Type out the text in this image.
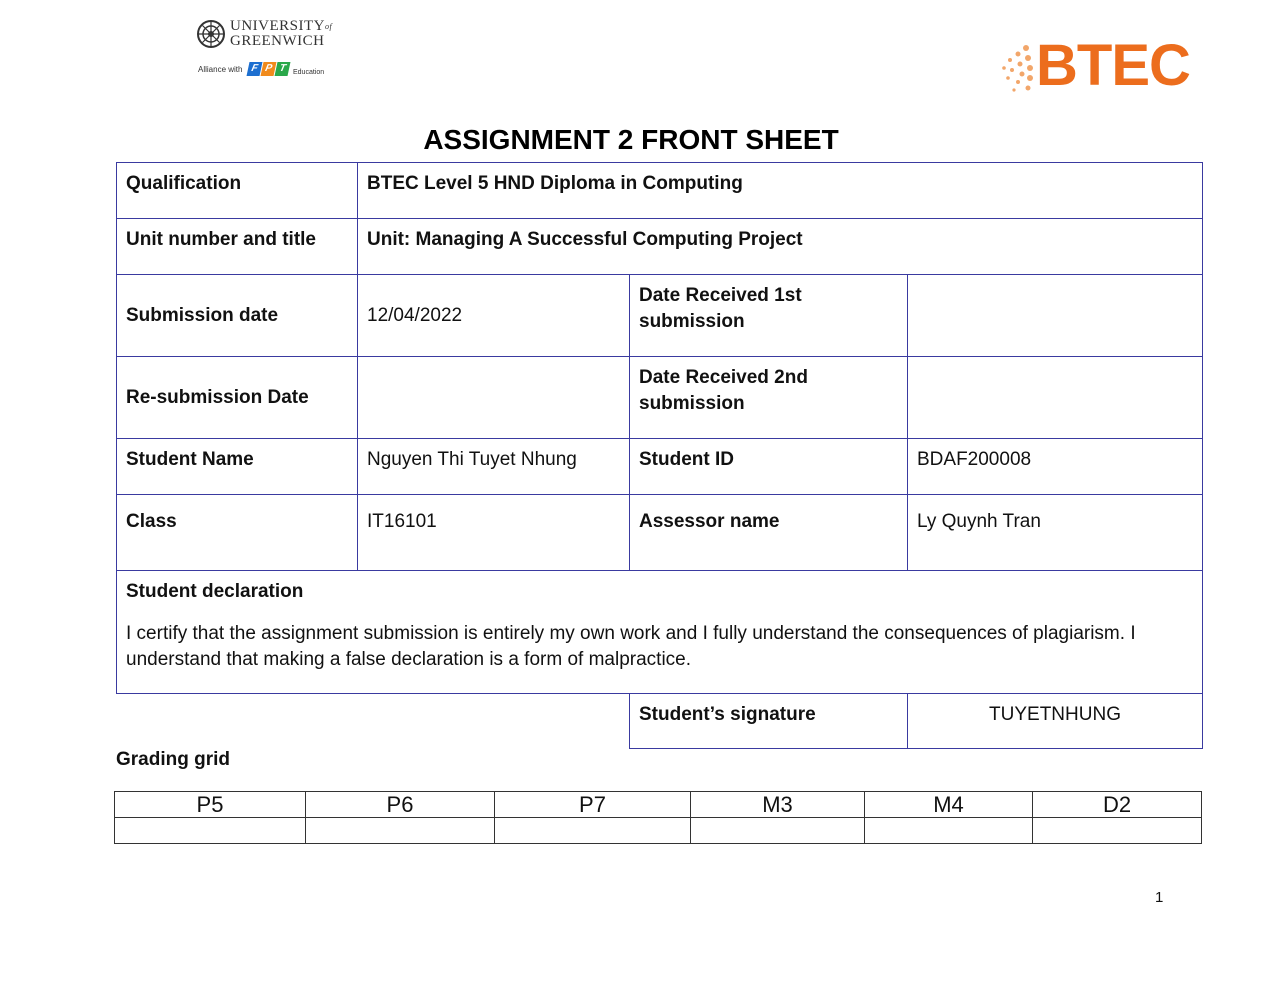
$UNIVERSITY^{of}$
GREENWICH
Alliance with F P T Education	BTEC
ASSIGNMENT 2 FRONT SHEET
Qualification	BTEC Level 5 HND Diploma in Computing		
Unit number and title	Unit: Managing A Successful Computing Project		
Submission date	12/04/2022	Date Received 1st submission	
Re-submission Date		Date Received 2nd submission	
Student Name	Nguyen Thi Tuyet Nhung	Student ID	BDAF200008
Class	IT16101	Assessor name	Ly Quynh Tran

Student declaration
I certify that the assignment submission is entirely my own work and I fully understand the consequences of plagiarism. I understand that making a false declaration is a form of malpractice.			

		Student’s signature	TUYETNHUNG
Grading grid
P5	P6	P7	M3	M4	D2

1
